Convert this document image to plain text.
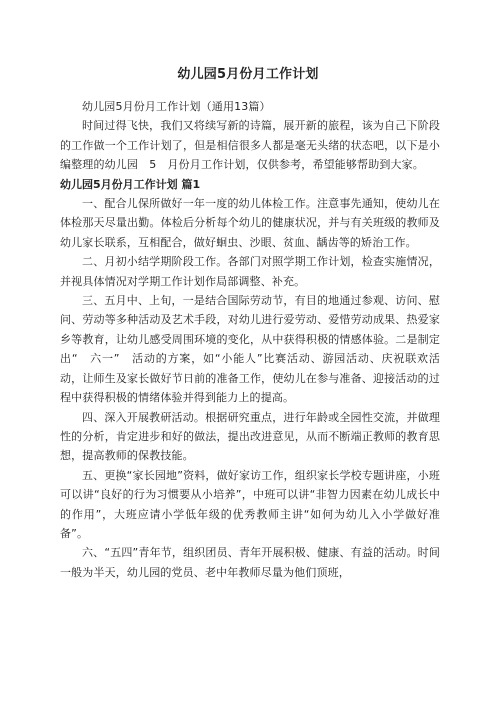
幼儿园5月份月工作计划

幼儿园5月份月工作计划（通用13篇）

时间过得飞快，我们又将续写新的诗篇，展开新的旅程，该为自己下阶段的工作做一个工作计划了，但是相信很多人都是毫无头绪的状态吧，以下是小编整理的幼儿园　5　月份月工作计划，仅供参考，希望能够帮助到大家。

幼儿园5月份月工作计划 篇1

一、配合儿保所做好一年一度的幼儿体检工作。注意事先通知，使幼儿在体检那天尽量出勤。体检后分析每个幼儿的健康状况，并与有关班级的教师及幼儿家长联系，互相配合，做好蛔虫、沙眼、贫血、龋齿等的矫治工作。

二、月初小结学期阶段工作。各部门对照学期工作计划，检查实施情况，并视具体情况对学期工作计划作局部调整、补充。

三、五月中、上旬，一是结合国际劳动节，有目的地通过参观、访问、慰问、劳动等多种活动及艺术手段，对幼儿进行爱劳动、爱惜劳动成果、热爱家乡等教育，让幼儿感受周围环境的变化，从中获得积极的情感体验。二是制定出“　六一”　活动的方案，如“小能人”比赛活动、游园活动、庆祝联欢活动，让师生及家长做好节日前的准备工作，使幼儿在参与准备、迎接活动的过程中获得积极的情绪体验并得到能力上的提高。

四、深入开展教研活动。根据研究重点，进行年龄或全园性交流，并做理性的分析，肯定进步和好的做法，提出改进意见，从而不断端正教师的教育思想，提高教师的保教技能。

五、更换“家长园地”资料，做好家访工作，组织家长学校专题讲座，小班可以讲“良好的行为习惯要从小培养”，中班可以讲“非智力因素在幼儿成长中的作用”，大班应请小学低年级的优秀教师主讲“如何为幼儿入小学做好准备”。

六、“五四”青年节，组织团员、青年开展积极、健康、有益的活动。时间一般为半天，幼儿园的党员、老中年教师尽量为他们顶班，
